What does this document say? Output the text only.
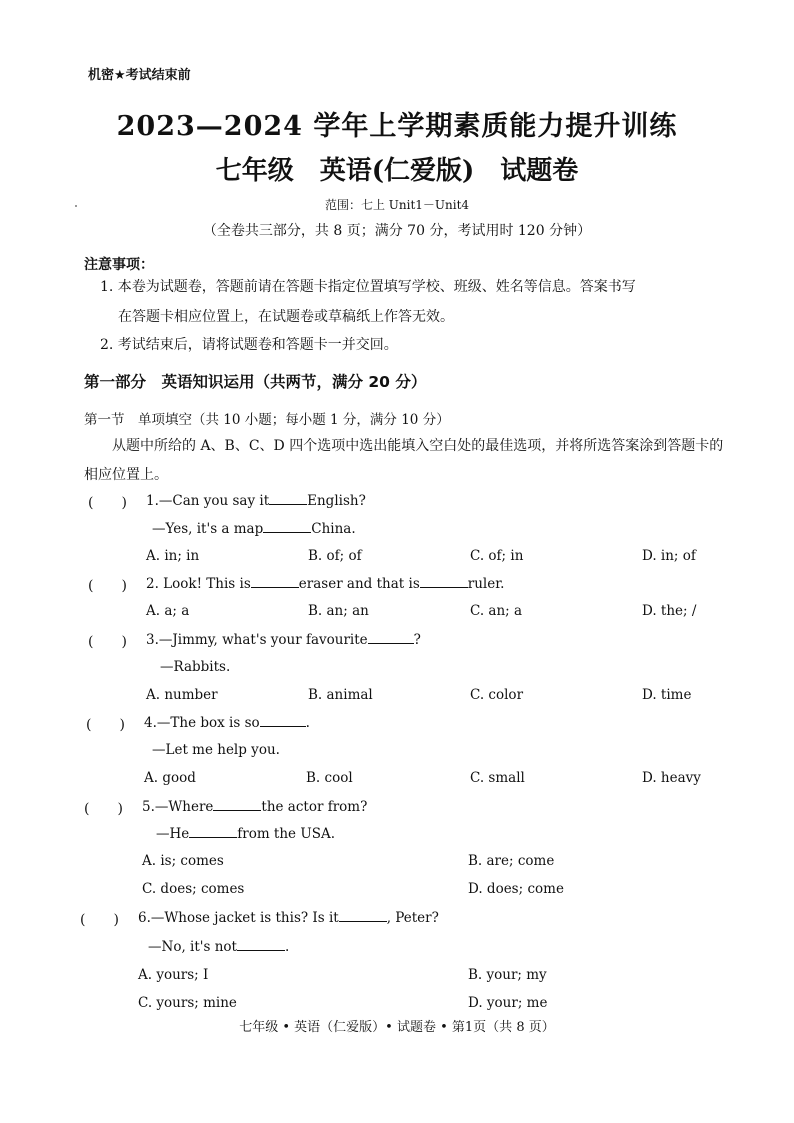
机密★考试结束前
2023—2024 学年上学期素质能力提升训练
七年级　英语(仁爱版)　试题卷
范围：七上 Unit1－Unit4
（全卷共三部分，共 8 页；满分 70 分，考试用时 120 分钟）
注意事项：
1. 本卷为试题卷，答题前请在答题卡指定位置填写学校、班级、姓名等信息。答案书写
在答题卡相应位置上，在试题卷或草稿纸上作答无效。
2. 考试结束后，请将试题卷和答题卡一并交回。
第一部分　英语知识运用（共两节，满分 20 分）
第一节　单项填空（共 10 小题；每小题 1 分，满分 10 分）
从题中所给的 A、B、C、D 四个选项中选出能填入空白处的最佳选项，并将所选答案涂到答题卡的相应位置上。
(　　) 1.—Can you say it	English?
—Yes, it's a map	China.
A. in; in	B. of; of	C. of; in	D. in; of
(　　) 2. Look! This is	eraser and that is	ruler.
A. a; a	B. an; an	C. an; a	D. the; /
(　　) 3.—Jimmy, what's your favourite	?
—Rabbits.
A. number	B. animal	C. color	D. time
(　　) 4.—The box is so	.
—Let me help you.
A. good	B. cool	C. small	D. heavy
(　　) 5.—Where	the actor from?
—He	from the USA.
A. is; comes	B. are; come
C. does; comes	D. does; come
(　　) 6.—Whose jacket is this? Is it	, Peter?
—No, it's not	.
A. yours; I	B. your; my
C. yours; mine	D. your; me
七年级 • 英语（仁爱版）• 试题卷 • 第1页（共 8 页）
